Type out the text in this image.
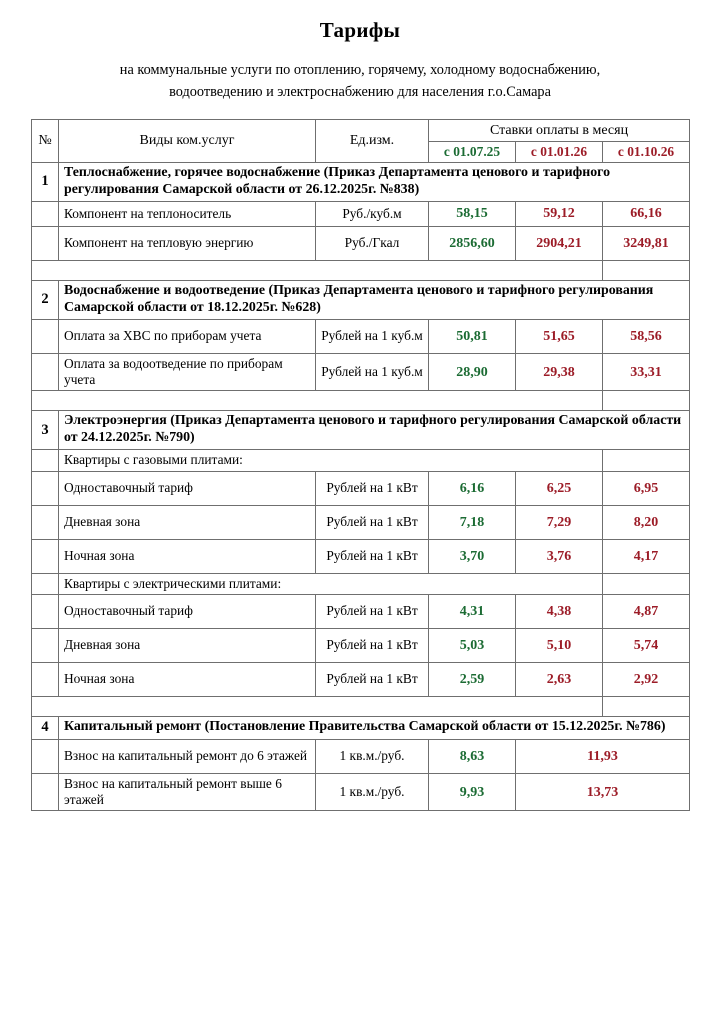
Тарифы
на коммунальные услуги по отоплению, горячему, холодному водоснабжению,
водоотведению и электроснабжению для населения г.о.Самара
№	Виды ком.услуг	Ед.изм.	Ставки оплаты в месяц		
			с 01.07.25	с 01.01.26	с 01.10.26
1	Теплоснабжение, горячее водоснабжение (Приказ Департамента ценового и тарифного регулирования Самарской области от 26.12.2025г. №838)				
	Компонент на теплоноситель	Руб./куб.м	58,15	59,12	66,16
	Компонент на тепловую энергию	Руб./Гкал	2856,60	2904,21	3249,81

2	Водоснабжение и водоотведение (Приказ Департамента ценового и тарифного регулирования Самарской области от 18.12.2025г. №628)				
	Оплата за ХВС по приборам учета	Рублей на 1 куб.м	50,81	51,65	58,56
	Оплата за водоотведение по приборам учета	Рублей на 1 куб.м	28,90	29,38	33,31

3	Электроэнергия (Приказ Департамента ценового и тарифного регулирования Самарской области от 24.12.2025г. №790)				
	Квартиры с газовыми плитами:				
	Одноставочный тариф	Рублей на 1 кВт	6,16	6,25	6,95
	Дневная зона	Рублей на 1 кВт	7,18	7,29	8,20
	Ночная зона	Рублей на 1 кВт	3,70	3,76	4,17
	Квартиры с электрическими плитами:				
	Одноставочный тариф	Рублей на 1 кВт	4,31	4,38	4,87
	Дневная зона	Рублей на 1 кВт	5,03	5,10	5,74
	Ночная зона	Рублей на 1 кВт	2,59	2,63	2,92

4	Капитальный ремонт (Постановление Правительства Самарской области от 15.12.2025г. №786)				
	Взнос на капитальный ремонт до 6 этажей	1 кв.м./руб.	8,63	11,93	
	Взнос на капитальный ремонт выше 6 этажей	1 кв.м./руб.	9,93	13,73	
